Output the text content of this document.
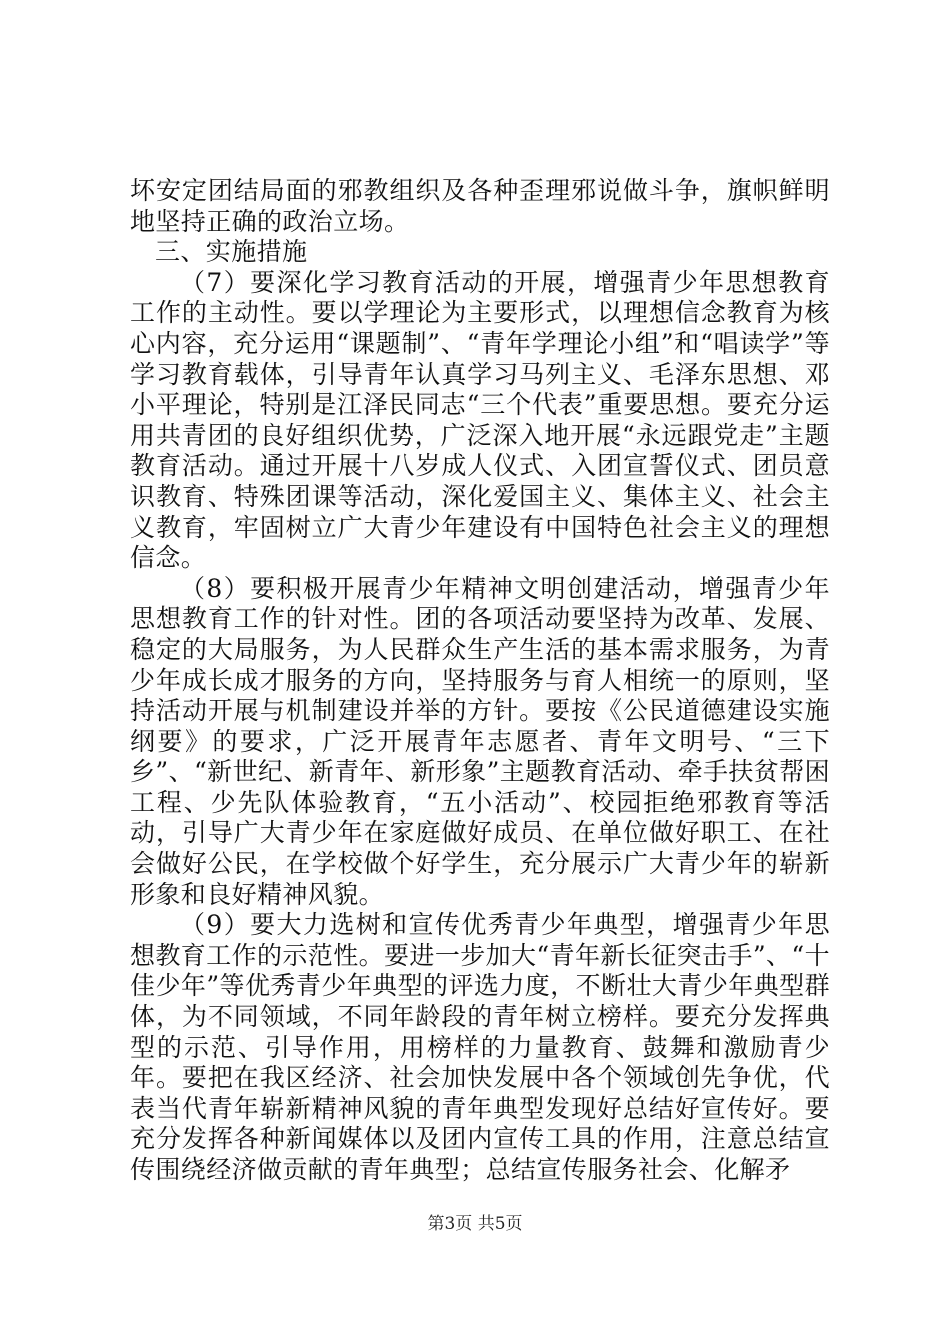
坏安定团结局面的邪教组织及各种歪理邪说做斗争，旗帜鲜明地坚持正确的政治立场。

三、实施措施

（7）要深化学习教育活动的开展，增强青少年思想教育工作的主动性。要以学理论为主要形式，以理想信念教育为核心内容，充分运用“课题制”、“青年学理论小组”和“唱读学”等学习教育载体，引导青年认真学习马列主义、毛泽东思想、邓小平理论，特别是江泽民同志“三个代表”重要思想。要充分运用共青团的良好组织优势，广泛深入地开展“永远跟党走”主题教育活动。通过开展十八岁成人仪式、入团宣誓仪式、团员意识教育、特殊团课等活动，深化爱国主义、集体主义、社会主义教育，牢固树立广大青少年建设有中国特色社会主义的理想信念。

（8）要积极开展青少年精神文明创建活动，增强青少年思想教育工作的针对性。团的各项活动要坚持为改革、发展、稳定的大局服务，为人民群众生产生活的基本需求服务，为青少年成长成才服务的方向，坚持服务与育人相统一的原则，坚持活动开展与机制建设并举的方针。要按《公民道德建设实施纲要》的要求，广泛开展青年志愿者、青年文明号、“三下乡”、“新世纪、新青年、新形象”主题教育活动、牵手扶贫帮困工程、少先队体验教育，“五小活动”、校园拒绝邪教育等活动，引导广大青少年在家庭做好成员、在单位做好职工、在社会做好公民，在学校做个好学生，充分展示广大青少年的崭新形象和良好精神风貌。

（9）要大力选树和宣传优秀青少年典型，增强青少年思想教育工作的示范性。要进一步加大“青年新长征突击手”、“十佳少年”等优秀青少年典型的评选力度，不断壮大青少年典型群体，为不同领域，不同年龄段的青年树立榜样。要充分发挥典型的示范、引导作用，用榜样的力量教育、鼓舞和激励青少年。要把在我区经济、社会加快发展中各个领域创先争优，代表当代青年崭新精神风貌的青年典型发现好总结好宣传好。要充分发挥各种新闻媒体以及团内宣传工具的作用，注意总结宣传围绕经济做贡献的青年典型；总结宣传服务社会、化解矛

第3页 共5页
